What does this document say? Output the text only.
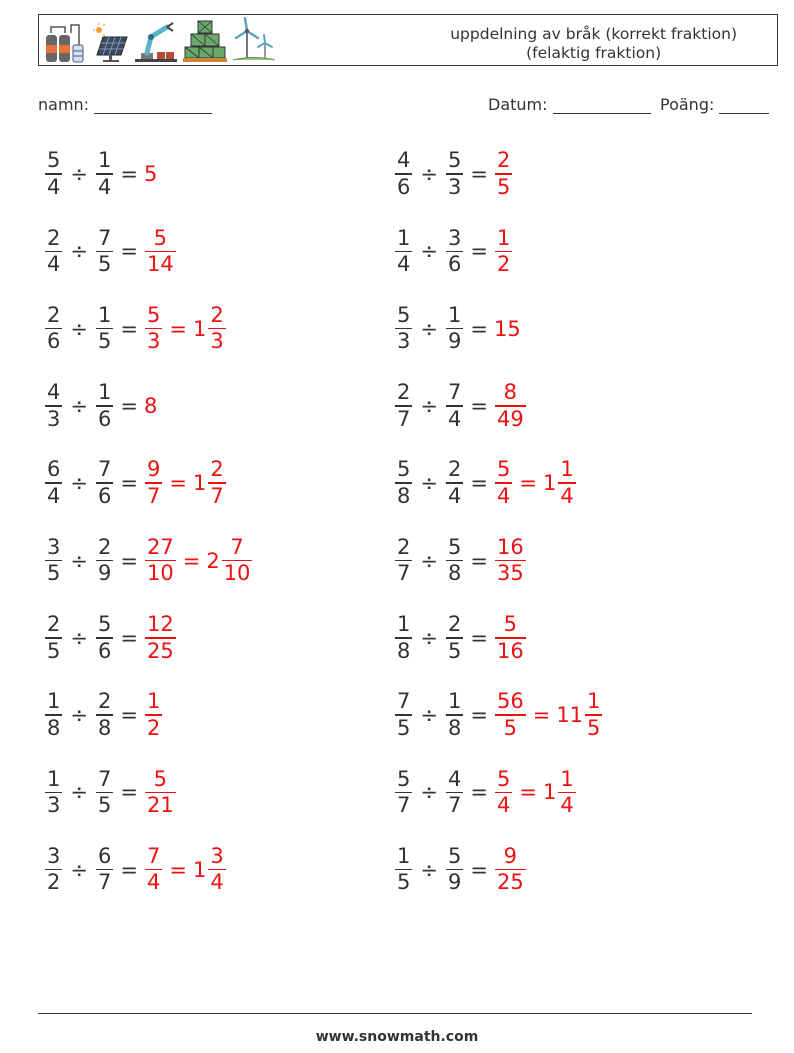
uppdelning av bråk (korrekt fraktion)
(felaktig fraktion)
namn:	Datum:	Poäng:
$\frac{5}{4} \div \frac{1}{4} = 5$	$\frac{4}{6} \div \frac{5}{3} = \frac{2}{5}$
$\frac{2}{4} \div \frac{7}{5} = \frac{5}{14}$	$\frac{1}{4} \div \frac{3}{6} = \frac{1}{2}$
$\frac{2}{6} \div \frac{1}{5} = \frac{5}{3} = 1 \frac{2}{3}$	$\frac{5}{3} \div \frac{1}{9} = 15$
$\frac{4}{3} \div \frac{1}{6} = 8$	$\frac{2}{7} \div \frac{7}{4} = \frac{8}{49}$
$\frac{6}{4} \div \frac{7}{6} = \frac{9}{7} = 1 \frac{2}{7}$	$\frac{5}{8} \div \frac{2}{4} = \frac{5}{4} = 1 \frac{1}{4}$
$\frac{3}{5} \div \frac{2}{9} = \frac{27}{10} = 2 \frac{7}{10}$	$\frac{2}{7} \div \frac{5}{8} = \frac{16}{35}$
$\frac{2}{5} \div \frac{5}{6} = \frac{12}{25}$	$\frac{1}{8} \div \frac{2}{5} = \frac{5}{16}$
$\frac{1}{8} \div \frac{2}{8} = \frac{1}{2}$	$\frac{7}{5} \div \frac{1}{8} = \frac{56}{5} = 11 \frac{1}{5}$
$\frac{1}{3} \div \frac{7}{5} = \frac{5}{21}$	$\frac{5}{7} \div \frac{4}{7} = \frac{5}{4} = 1 \frac{1}{4}$
$\frac{3}{2} \div \frac{6}{7} = \frac{7}{4} = 1 \frac{3}{4}$	$\frac{1}{5} \div \frac{5}{9} = \frac{9}{25}$
www.snowmath.com
